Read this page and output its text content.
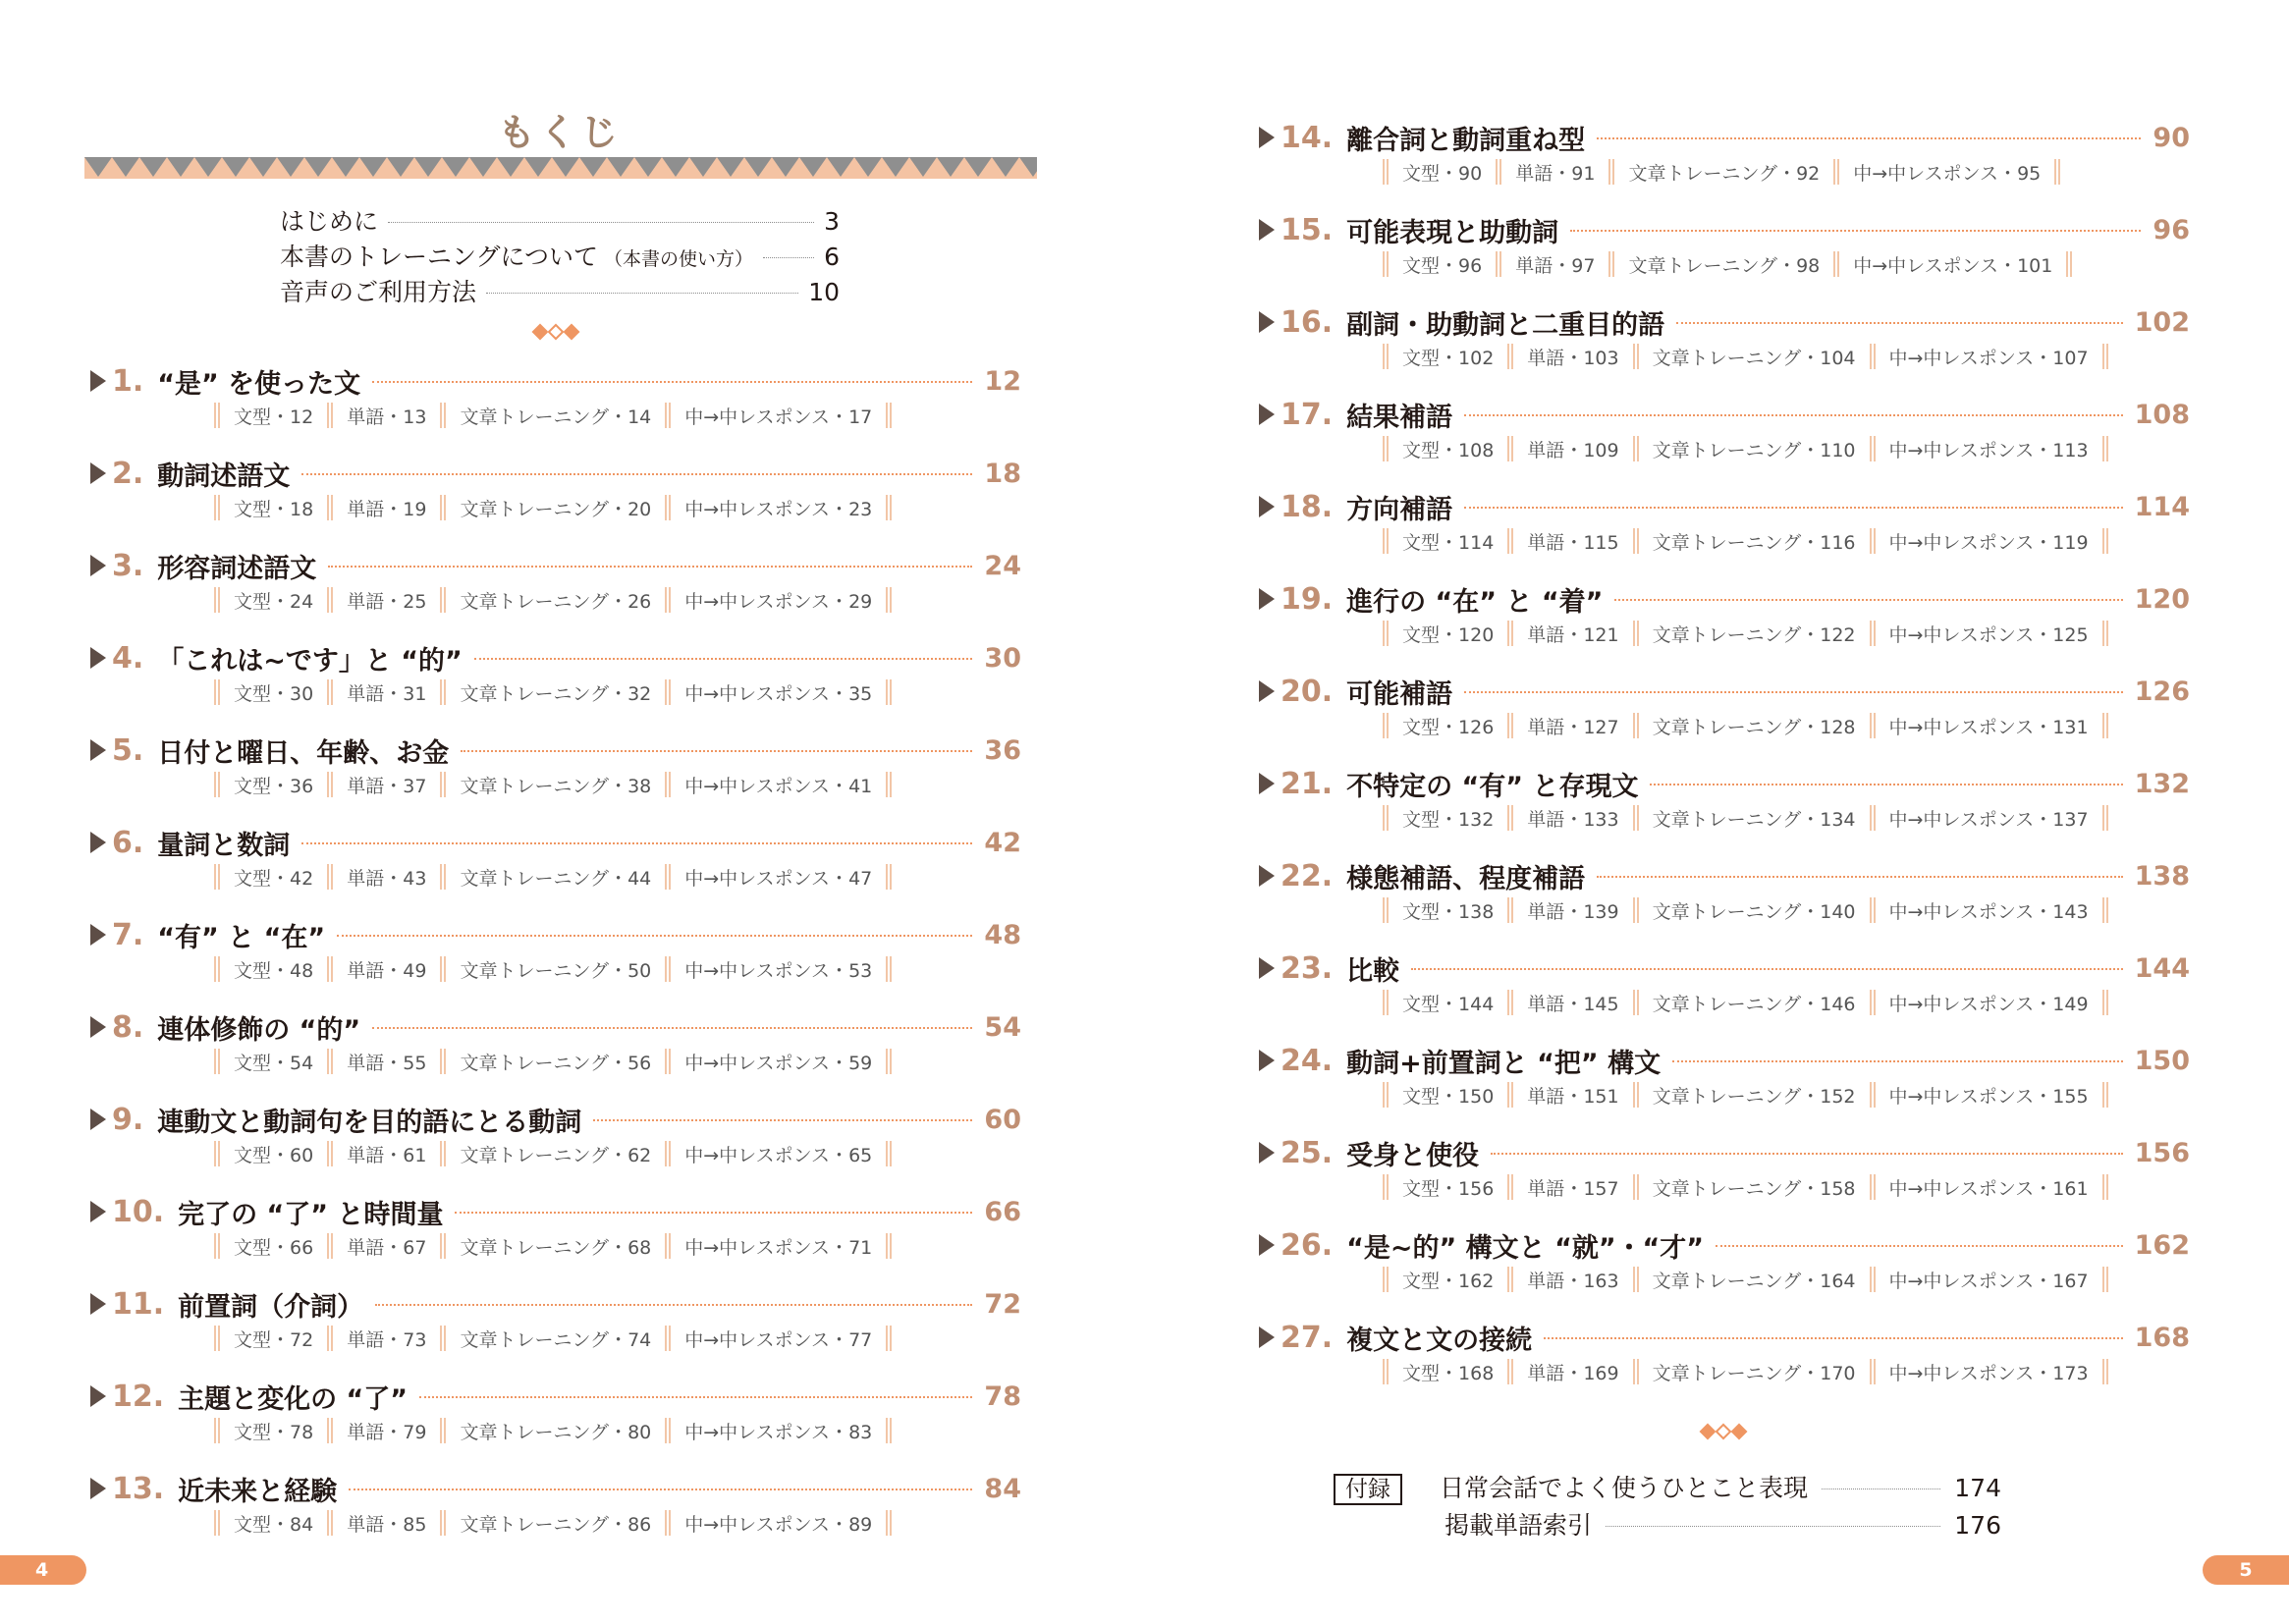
もくじ
はじめに	3
本書のトレーニングについて （本書の使い方）	6
音声のご利用方法	10
1. “是” を使った文	12
文型・12 単語・13 文章トレーニング・14 中→中レスポンス・17
2. 動詞述語文	18
文型・18 単語・19 文章トレーニング・20 中→中レスポンス・23
3. 形容詞述語文	24
文型・24 単語・25 文章トレーニング・26 中→中レスポンス・29
4. 「これは~です」と “的”	30
文型・30 単語・31 文章トレーニング・32 中→中レスポンス・35
5. 日付と曜日、年齢、お金	36
文型・36 単語・37 文章トレーニング・38 中→中レスポンス・41
6. 量詞と数詞	42
文型・42 単語・43 文章トレーニング・44 中→中レスポンス・47
7. “有” と “在”	48
文型・48 単語・49 文章トレーニング・50 中→中レスポンス・53
8. 連体修飾の “的”	54
文型・54 単語・55 文章トレーニング・56 中→中レスポンス・59
9. 連動文と動詞句を目的語にとる動詞	60
文型・60 単語・61 文章トレーニング・62 中→中レスポンス・65
10. 完了の “了” と時間量	66
文型・66 単語・67 文章トレーニング・68 中→中レスポンス・71
11. 前置詞（介詞）	72
文型・72 単語・73 文章トレーニング・74 中→中レスポンス・77
12. 主題と変化の “了”	78
文型・78 単語・79 文章トレーニング・80 中→中レスポンス・83
13. 近未来と経験	84
文型・84 単語・85 文章トレーニング・86 中→中レスポンス・89
14. 離合詞と動詞重ね型	90
文型・90 単語・91 文章トレーニング・92 中→中レスポンス・95
15. 可能表現と助動詞	96
文型・96 単語・97 文章トレーニング・98 中→中レスポンス・101
16. 副詞・助動詞と二重目的語	102
文型・102 単語・103 文章トレーニング・104 中→中レスポンス・107
17. 結果補語	108
文型・108 単語・109 文章トレーニング・110 中→中レスポンス・113
18. 方向補語	114
文型・114 単語・115 文章トレーニング・116 中→中レスポンス・119
19. 進行の “在” と “着”	120
文型・120 単語・121 文章トレーニング・122 中→中レスポンス・125
20. 可能補語	126
文型・126 単語・127 文章トレーニング・128 中→中レスポンス・131
21. 不特定の “有” と存現文	132
文型・132 単語・133 文章トレーニング・134 中→中レスポンス・137
22. 様態補語、程度補語	138
文型・138 単語・139 文章トレーニング・140 中→中レスポンス・143
23. 比較	144
文型・144 単語・145 文章トレーニング・146 中→中レスポンス・149
24. 動詞+前置詞と “把” 構文	150
文型・150 単語・151 文章トレーニング・152 中→中レスポンス・155
25. 受身と使役	156
文型・156 単語・157 文章トレーニング・158 中→中レスポンス・161
26. “是~的” 構文と “就”・“才”	162
文型・162 単語・163 文章トレーニング・164 中→中レスポンス・167
27. 複文と文の接続	168
文型・168 単語・169 文章トレーニング・170 中→中レスポンス・173
付録	日常会話でよく使うひとこと表現	174
掲載単語索引	176
4	5
